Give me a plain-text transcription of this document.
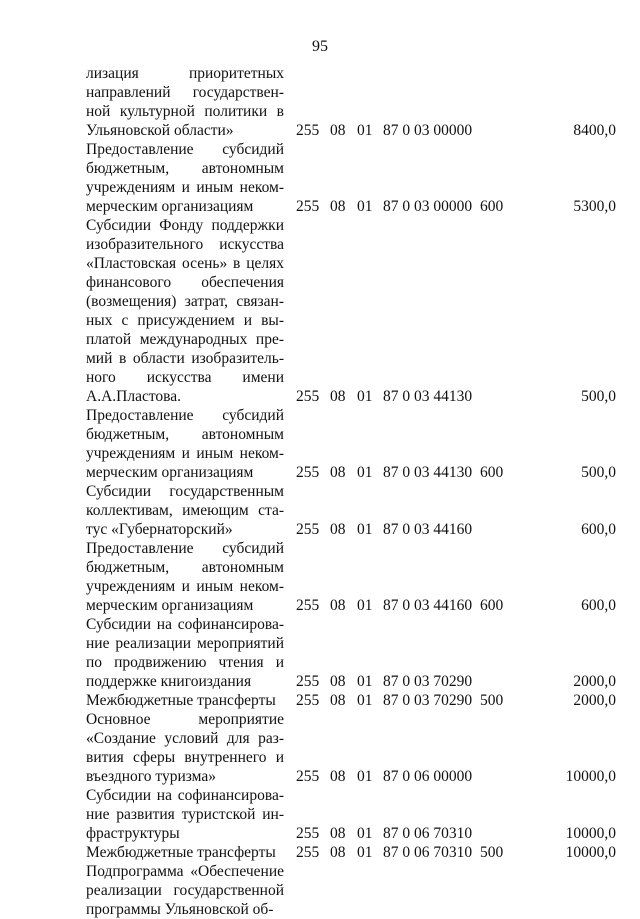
95
лизация приоритетных
направлений государствен-
ной культурной политики в
Ульяновской области»	255 08 01 87 0 03 00000	8400,0
Предоставление субсидий
бюджетным, автономным
учреждениям и иным неком-
мерческим организациям	255 08 01 87 0 03 00000 600	5300,0
Субсидии Фонду поддержки
изобразительного искусства
«Пластовская осень» в целях
финансового обеспечения
(возмещения) затрат, связан-
ных с присуждением и вы-
платой международных пре-
мий в области изобразитель-
ного искусства имени
А.А.Пластова.	255 08 01 87 0 03 44130	500,0
Предоставление субсидий
бюджетным, автономным
учреждениям и иным неком-
мерческим организациям	255 08 01 87 0 03 44130 600	500,0
Субсидии государственным
коллективам, имеющим ста-
тус «Губернаторский»	255 08 01 87 0 03 44160	600,0
Предоставление субсидий
бюджетным, автономным
учреждениям и иным неком-
мерческим организациям	255 08 01 87 0 03 44160 600	600,0
Субсидии на софинансирова-
ние реализации мероприятий
по продвижению чтения и
поддержке книгоиздания	255 08 01 87 0 03 70290	2000,0
Межбюджетные трансферты	255 08 01 87 0 03 70290 500	2000,0
Основное мероприятие
«Создание условий для раз-
вития сферы внутреннего и
въездного туризма»	255 08 01 87 0 06 00000	10000,0
Субсидии на софинансирова-
ние развития туристской ин-
фраструктуры	255 08 01 87 0 06 70310	10000,0
Межбюджетные трансферты	255 08 01 87 0 06 70310 500	10000,0
Подпрограмма «Обеспечение
реализации государственной
программы Ульяновской об-
